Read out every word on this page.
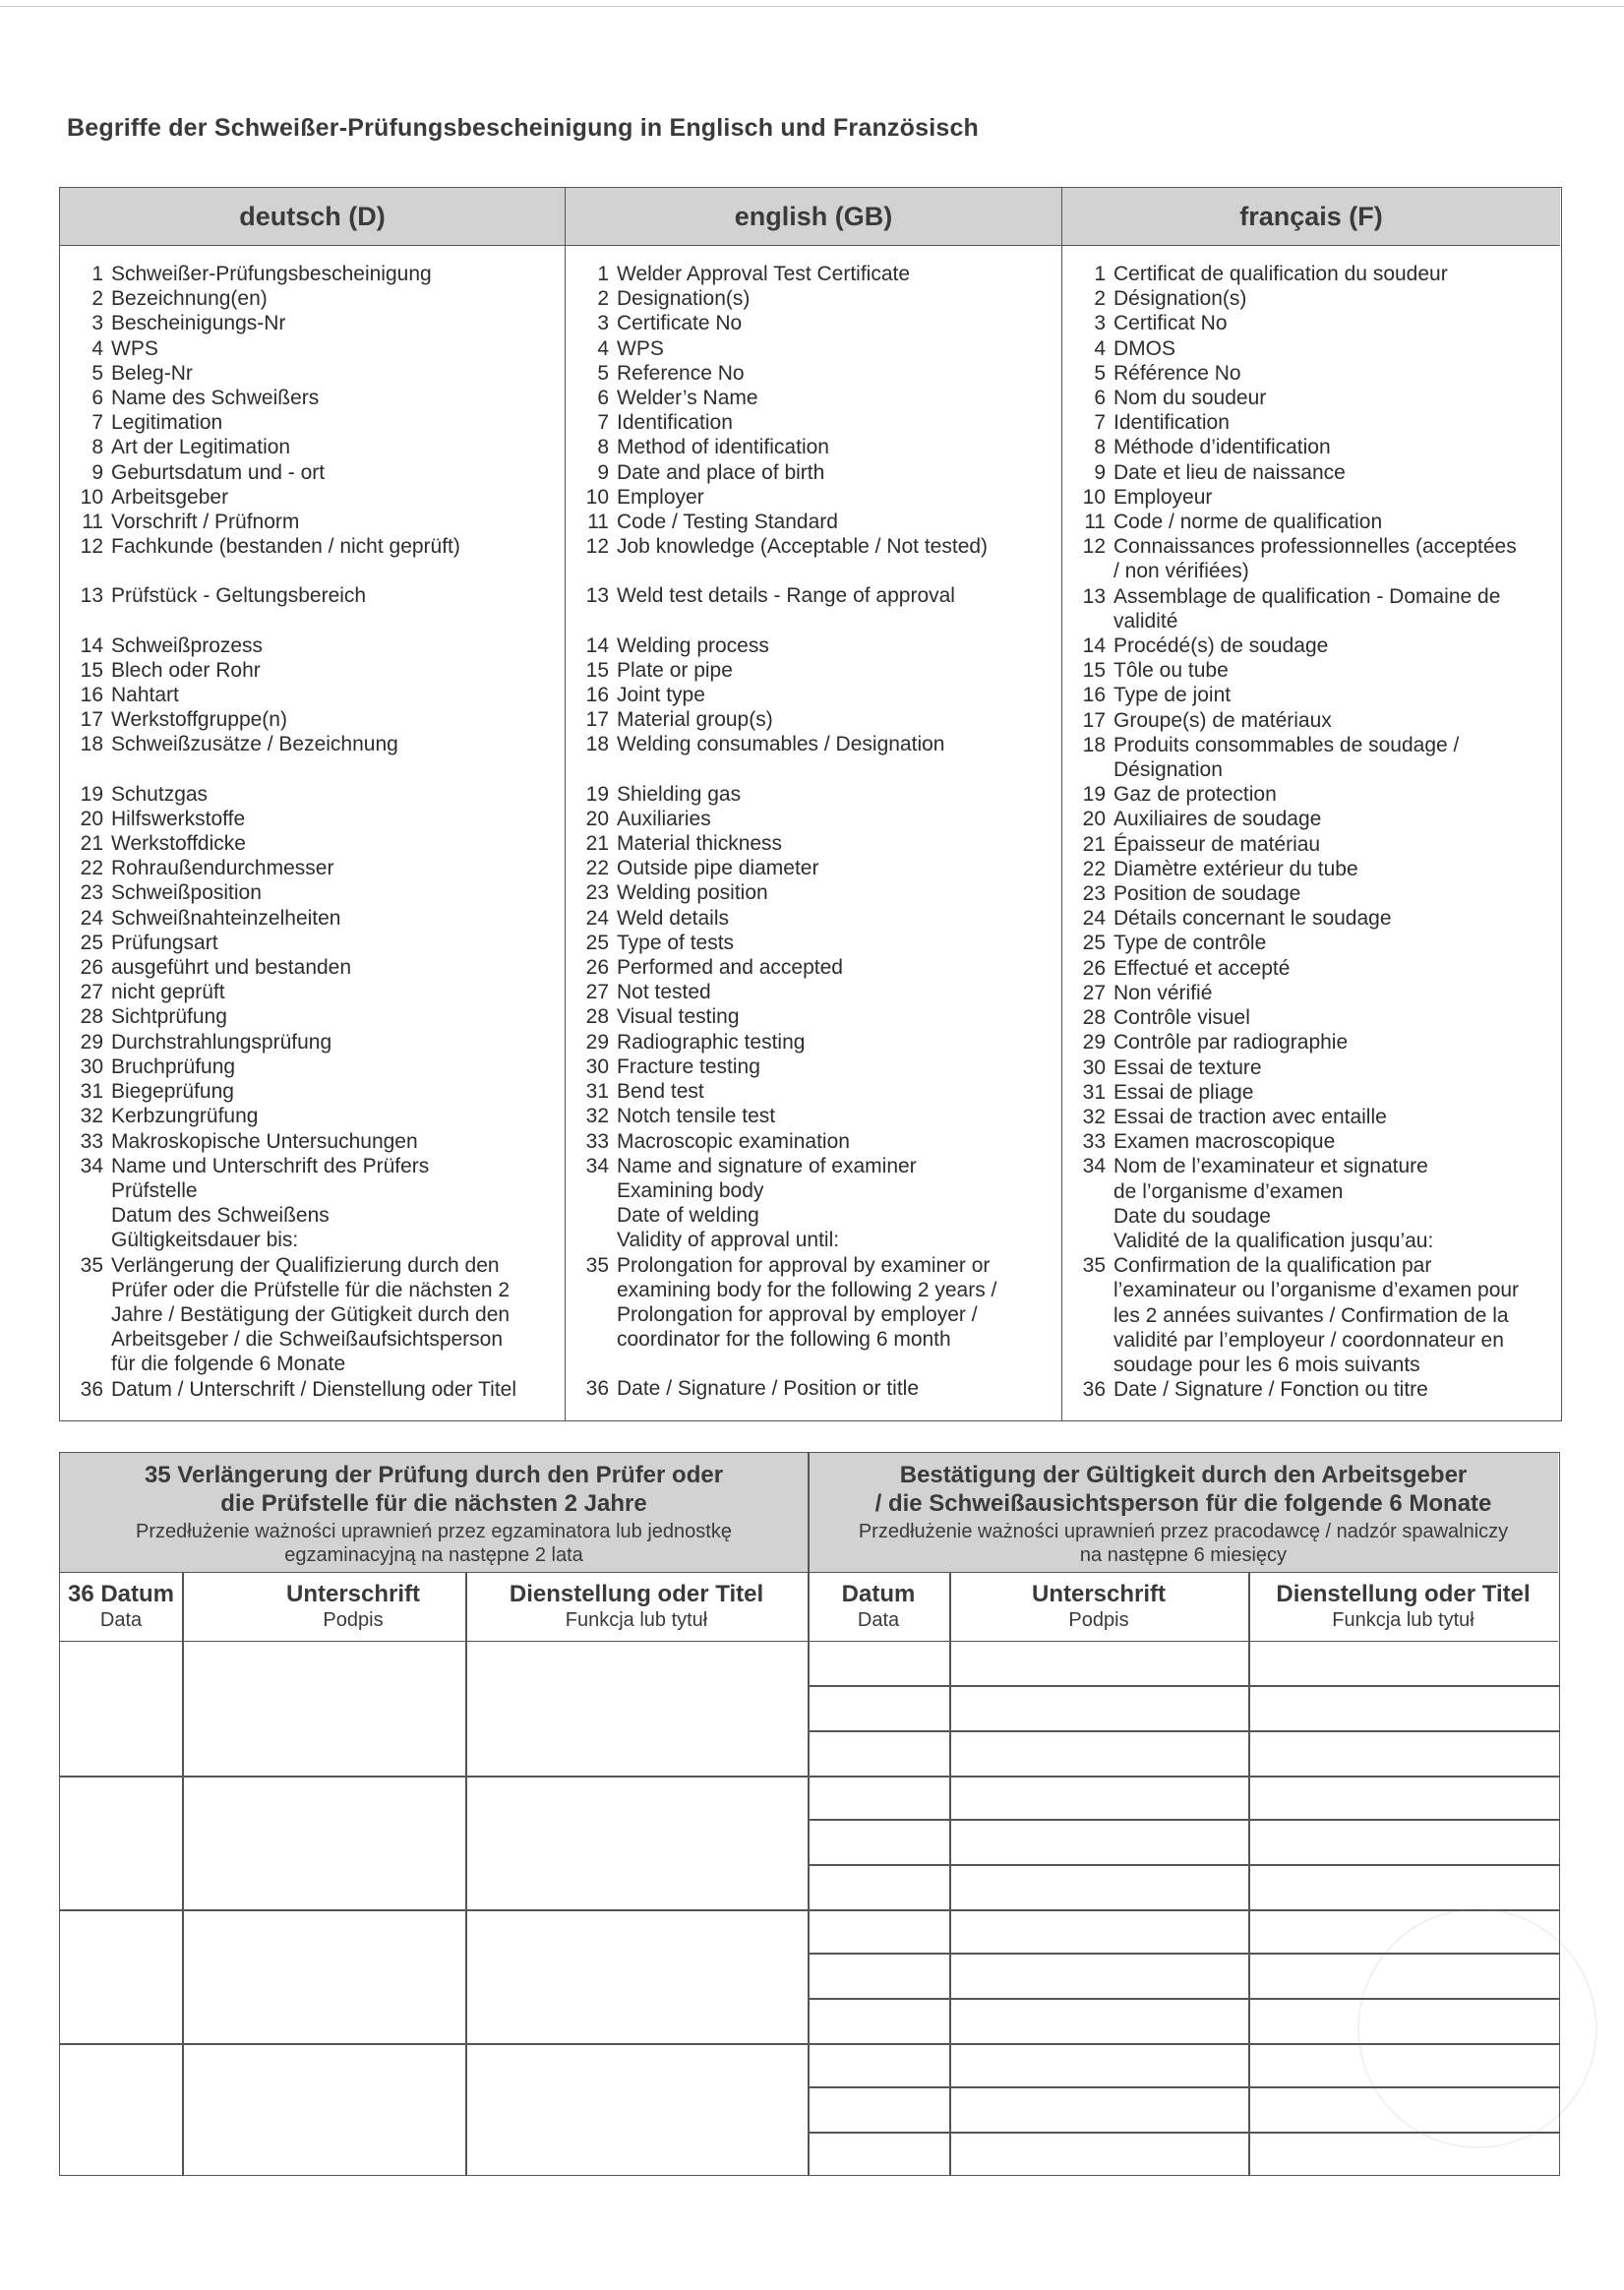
Begriffe der Schweißer-Prüfungsbescheinigung in Englisch und Französisch
deutsch (D)
1 Schweißer-Prüfungsbescheinigung
2 Bezeichnung(en)
3 Bescheinigungs-Nr
4 WPS
5 Beleg-Nr
6 Name des Schweißers
7 Legitimation
8 Art der Legitimation
9 Geburtsdatum und - ort
10 Arbeitsgeber
11 Vorschrift / Prüfnorm
12 Fachkunde (bestanden / nicht geprüft)
13 Prüfstück - Geltungsbereich
14 Schweißprozess
15 Blech oder Rohr
16 Nahtart
17 Werkstoffgruppe(n)
18 Schweißzusätze / Bezeichnung
19 Schutzgas
20 Hilfswerkstoffe
21 Werkstoffdicke
22 Rohraußendurchmesser
23 Schweißposition
24 Schweißnahteinzelheiten
25 Prüfungsart
26 ausgeführt und bestanden
27 nicht geprüft
28 Sichtprüfung
29 Durchstrahlungsprüfung
30 Bruchprüfung
31 Biegeprüfung
32 Kerbzungrüfung
33 Makroskopische Untersuchungen
34 Name und Unterschrift des Prüfers
Prüfstelle
Datum des Schweißens
Gültigkeitsdauer bis:
35 Verlängerung der Qualifizierung durch den
Prüfer oder die Prüfstelle für die nächsten 2
Jahre / Bestätigung der Gütigkeit durch den
Arbeitsgeber / die Schweißaufsichtsperson
für die folgende 6 Monate
36 Datum / Unterschrift / Dienstellung oder Titel
english (GB)
1 Welder Approval Test Certificate
2 Designation(s)
3 Certificate No
4 WPS
5 Reference No
6 Welder’s Name
7 Identification
8 Method of identification
9 Date and place of birth
10 Employer
11 Code / Testing Standard
12 Job knowledge (Acceptable / Not tested)
13 Weld test details - Range of approval
14 Welding process
15 Plate or pipe
16 Joint type
17 Material group(s)
18 Welding consumables / Designation
19 Shielding gas
20 Auxiliaries
21 Material thickness
22 Outside pipe diameter
23 Welding position
24 Weld details
25 Type of tests
26 Performed and accepted
27 Not tested
28 Visual testing
29 Radiographic testing
30 Fracture testing
31 Bend test
32 Notch tensile test
33 Macroscopic examination
34 Name and signature of examiner
Examining body
Date of welding
Validity of approval until:
35 Prolongation for approval by examiner or
examining body for the following 2 years /
Prolongation for approval by employer /
coordinator for the following 6 month
36 Date / Signature / Position or title
français (F)
1 Certificat de qualification du soudeur
2 Désignation(s)
3 Certificat No
4 DMOS
5 Référence No
6 Nom du soudeur
7 Identification
8 Méthode d’identification
9 Date et lieu de naissance
10 Employeur
11 Code / norme de qualification
12 Connaissances professionnelles (acceptées
/ non vérifiées)
13 Assemblage de qualification - Domaine de
validité
14 Procédé(s) de soudage
15 Tôle ou tube
16 Type de joint
17 Groupe(s) de matériaux
18 Produits consommables de soudage /
Désignation
19 Gaz de protection
20 Auxiliaires de soudage
21 Épaisseur de matériau
22 Diamètre extérieur du tube
23 Position de soudage
24 Détails concernant le soudage
25 Type de contrôle
26 Effectué et accepté
27 Non vérifié
28 Contrôle visuel
29 Contrôle par radiographie
30 Essai de texture
31 Essai de pliage
32 Essai de traction avec entaille
33 Examen macroscopique
34 Nom de l’examinateur et signature
de l’organisme d’examen
Date du soudage
Validité de la qualification jusqu’au:
35 Confirmation de la qualification par
l’examinateur ou l’organisme d’examen pour
les 2 années suivantes / Confirmation de la
validité par l’employeur / coordonnateur en
soudage pour les 6 mois suivants
36 Date / Signature / Fonction ou titre
35 Verlängerung der Prüfung durch den Prüfer oder
die Prüfstelle für die nächsten 2 Jahre
Przedłużenie ważności uprawnień przez egzaminatora lub jednostkę
egzaminacyjną na następne 2 lata
Bestätigung der Gültigkeit durch den Arbeitsgeber
/ die Schweißausichtsperson für die folgende 6 Monate
Przedłużenie ważności uprawnień przez pracodawcę / nadzór spawalniczy
na następne 6 miesięcy
36 Datum
Data
Unterschrift
Podpis
Dienstellung oder Titel
Funkcja lub tytuł
Datum
Data
Unterschrift
Podpis
Dienstellung oder Titel
Funkcja lub tytuł
